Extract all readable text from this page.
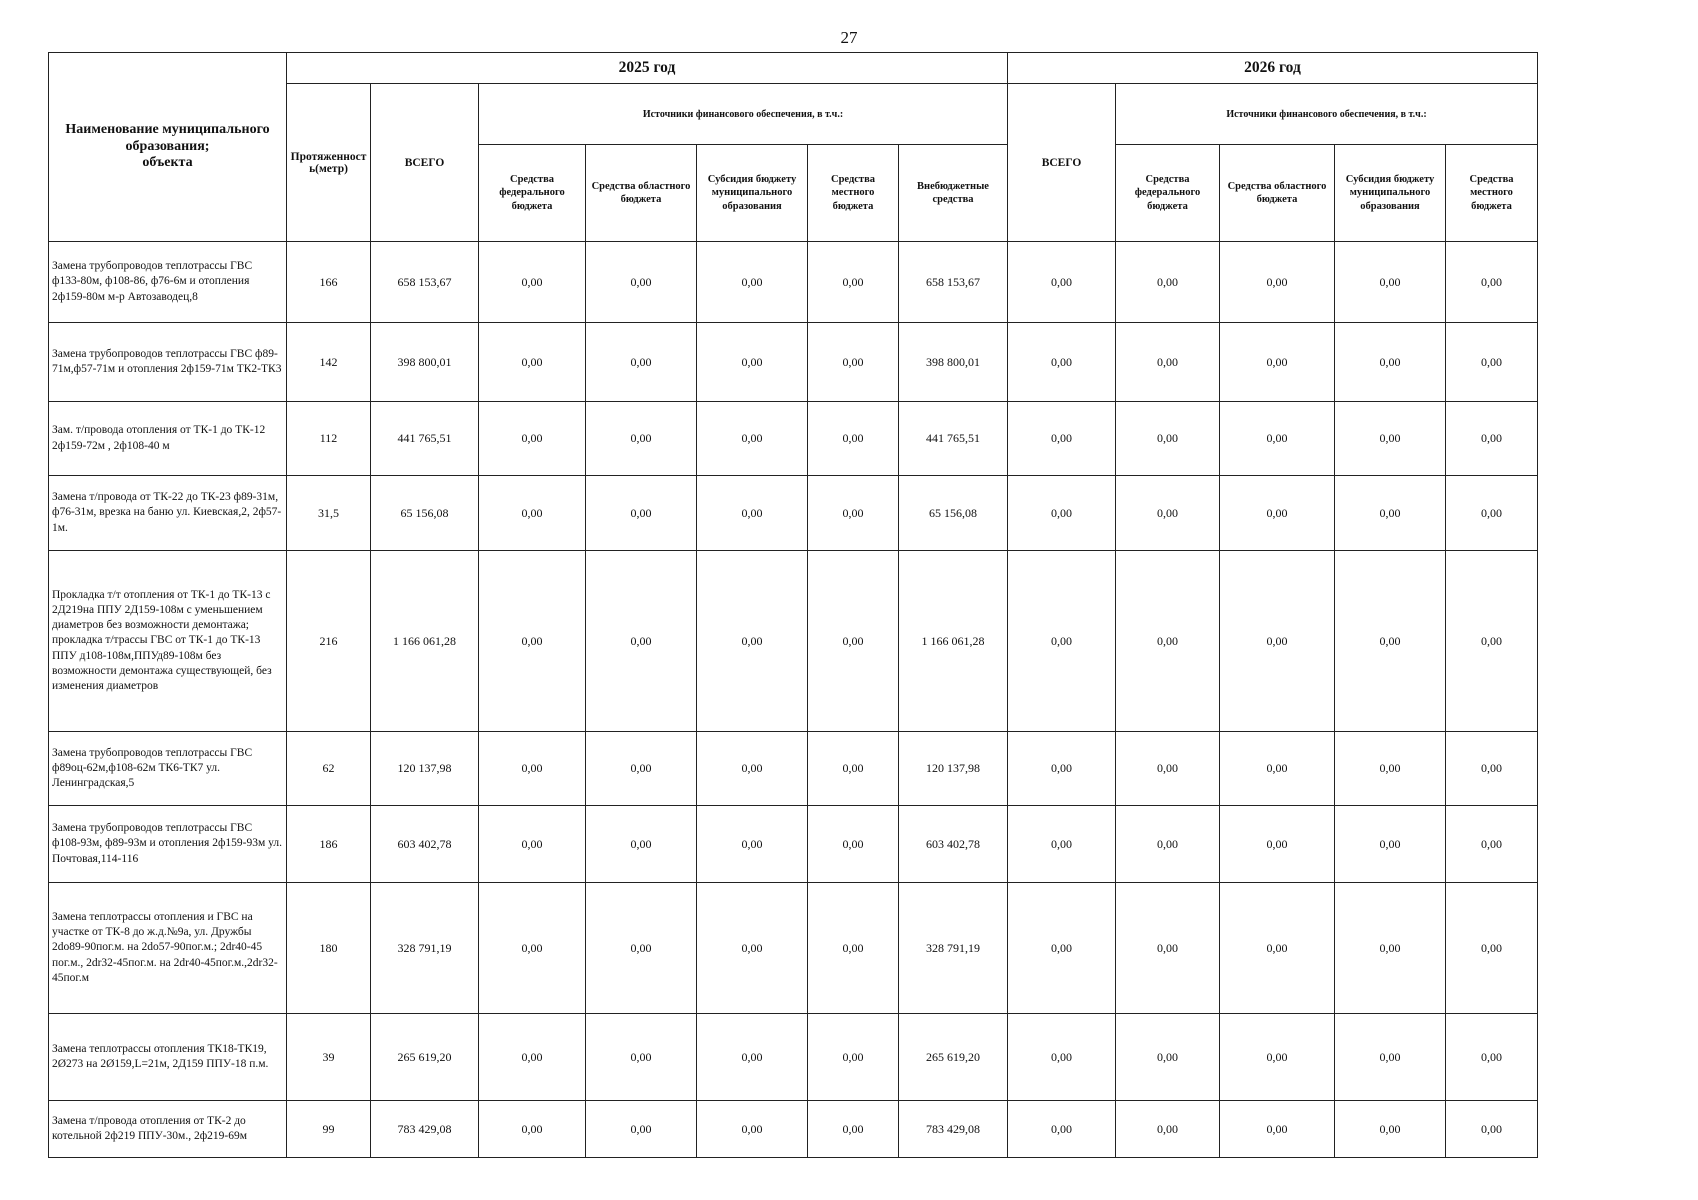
27
Наименование муниципального образования;
объекта	2025 год							2026 год				
	Протяженност ь(метр)	ВСЕГО	Источники финансового обеспечения, в т.ч.:					ВСЕГО	Источники финансового обеспечения, в т.ч.:			
			Средства федерального бюджета	Средства областного бюджета	Субсидия бюджету муниципального образования	Средства местного бюджета	Внебюджетные средства		Средства федерального бюджета	Средства областного бюджета	Субсидия бюджету муниципального образования	Средства местного бюджета
Замена трубопроводов теплотрассы ГВС ф133-80м, ф108-86, ф76-6м и отопления 2ф159-80м м-р Автозаводец,8	166	658 153,67	0,00	0,00	0,00	0,00	658 153,67	0,00	0,00	0,00	0,00	0,00
Замена трубопроводов теплотрассы ГВС ф89-71м,ф57-71м и отопления 2ф159-71м ТК2-ТК3	142	398 800,01	0,00	0,00	0,00	0,00	398 800,01	0,00	0,00	0,00	0,00	0,00
Зам. т/провода отопления от ТК-1 до ТК-12 2ф159-72м , 2ф108-40 м	112	441 765,51	0,00	0,00	0,00	0,00	441 765,51	0,00	0,00	0,00	0,00	0,00
Замена т/провода от ТК-22 до ТК-23 ф89-31м, ф76-31м, врезка на баню ул. Киевская,2, 2ф57-1м.	31,5	65 156,08	0,00	0,00	0,00	0,00	65 156,08	0,00	0,00	0,00	0,00	0,00
Прокладка т/т отопления от ТК-1 до ТК-13 с 2Д219на ППУ 2Д159-108м с уменьшением диаметров без возможности демонтажа; прокладка т/трассы ГВС от ТК-1 до ТК-13 ППУ д108-108м,ППУд89-108м без возможности демонтажа существующей, без изменения диаметров	216	1 166 061,28	0,00	0,00	0,00	0,00	1 166 061,28	0,00	0,00	0,00	0,00	0,00
Замена трубопроводов теплотрассы ГВС ф89оц-62м,ф108-62м ТК6-ТК7 ул. Ленинградская,5	62	120 137,98	0,00	0,00	0,00	0,00	120 137,98	0,00	0,00	0,00	0,00	0,00
Замена трубопроводов теплотрассы ГВС ф108-93м, ф89-93м и отопления 2ф159-93м ул. Почтовая,114-116	186	603 402,78	0,00	0,00	0,00	0,00	603 402,78	0,00	0,00	0,00	0,00	0,00
Замена теплотрассы отопления и ГВС на участке от ТК-8 до ж.д.№9а, ул. Дружбы 2do89-90пог.м. на 2do57-90пог.м.; 2dr40-45 пог.м., 2dr32-45пог.м. на 2dr40-45пог.м.,2dr32-45пог.м	180	328 791,19	0,00	0,00	0,00	0,00	328 791,19	0,00	0,00	0,00	0,00	0,00
Замена теплотрассы отопления ТК18-ТК19, 2Ø273 на 2Ø159,L=21м, 2Д159 ППУ-18 п.м.	39	265 619,20	0,00	0,00	0,00	0,00	265 619,20	0,00	0,00	0,00	0,00	0,00
Замена т/провода отопления от ТК-2 до котельной 2ф219 ППУ-30м., 2ф219-69м	99	783 429,08	0,00	0,00	0,00	0,00	783 429,08	0,00	0,00	0,00	0,00	0,00
